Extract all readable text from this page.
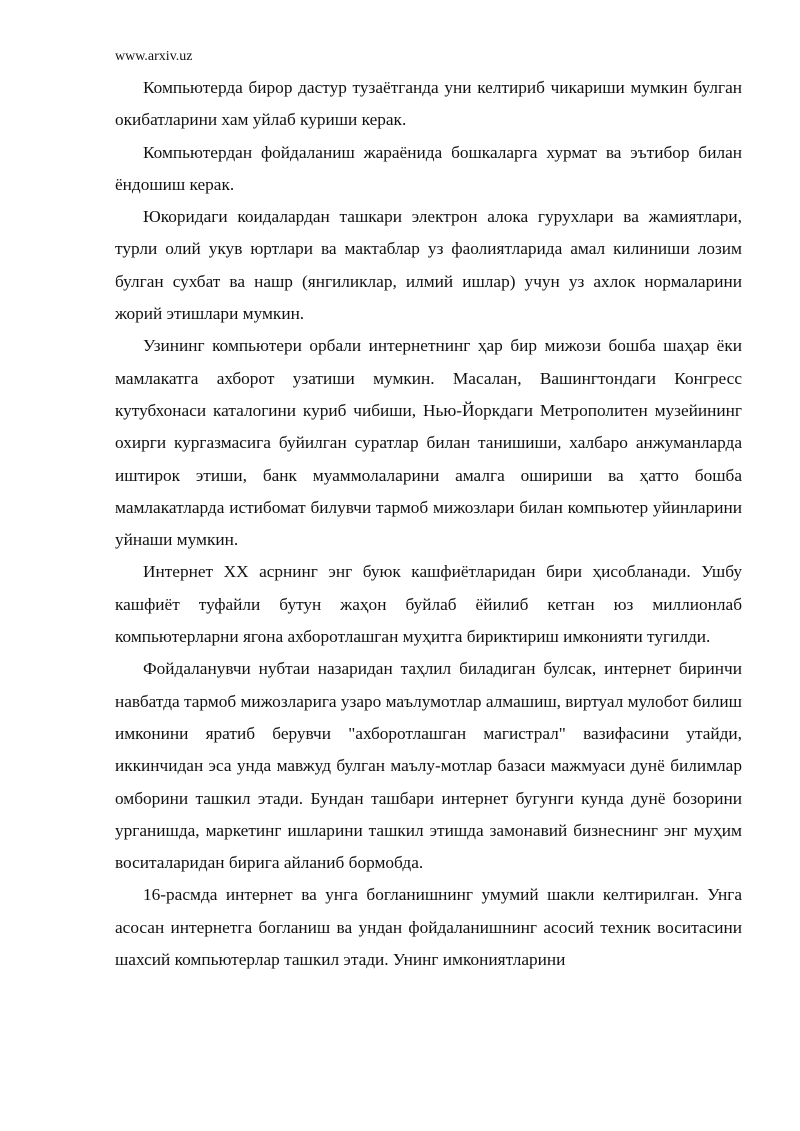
www.arxiv.uz

Компьютерда бирор дастур тузаётганда уни келтириб чикариши мумкин булган окибатларини хам уйлаб куриши керак.

Компьютердан фойдаланиш жараёнида бошкаларга хурмат ва эътибор билан ёндошиш керак.

Юкоридаги коидалардан ташкари электрон алока гурухлари ва жамиятлари, турли олий укув юртлари ва мактаблар уз фаолиятларида амал килиниши лозим булган сухбат ва нашр (янгиликлар, илмий ишлар) учун уз ахлок нормаларини жорий этишлари мумкин.

Узининг компьютери орбали интернетнинг ҳар бир мижози бошба шаҳар ёки мамлакатга ахборот узатиши мумкин. Масалан, Вашингтондаги Конгресс кутубхонаси каталогини куриб чибиши, Нью-Йоркдаги Метрополитен музейининг охирги кургазмасига буйилган суратлар билан танишиши, халбаро анжуманларда иштирок этиши, банк муаммолаларини амалга ошириши ва ҳатто бошба мамлакатларда истибомат билувчи тармоб мижозлари билан компьютер уйинларини уйнаши мумкин.

Интернет XX асрнинг энг буюк кашфиётларидан бири ҳисобланади. Ушбу кашфиёт туфайли бутун жаҳон буйлаб ёйилиб кетган юз миллионлаб компьютерларни ягона ахборотлашган муҳитга бириктириш имконияти тугилди.

Фойдаланувчи нубтаи назаридан таҳлил биладиган булсак, интернет биринчи навбатда тармоб мижозларига узаро маълумотлар алмашиш, виртуал мулобот билиш имконини яратиб берувчи "ахборотлашган магистрал" вазифасини утайди, иккинчидан эса унда мавжуд булган маълу-мотлар базаси мажмуаси дунё билимлар омборини ташкил этади. Бундан ташбари интернет бугунги кунда дунё бозорини урганишда, маркетинг ишларини ташкил этишда замонавий бизнеснинг энг муҳим воситаларидан бирига айланиб бормобда.

16-расмда интернет ва унга богланишнинг умумий шакли келтирилган. Унга асосан интернетга богланиш ва ундан фойдаланишнинг асосий техник воситасини шахсий компьютерлар ташкил этади. Унинг имкониятларини
